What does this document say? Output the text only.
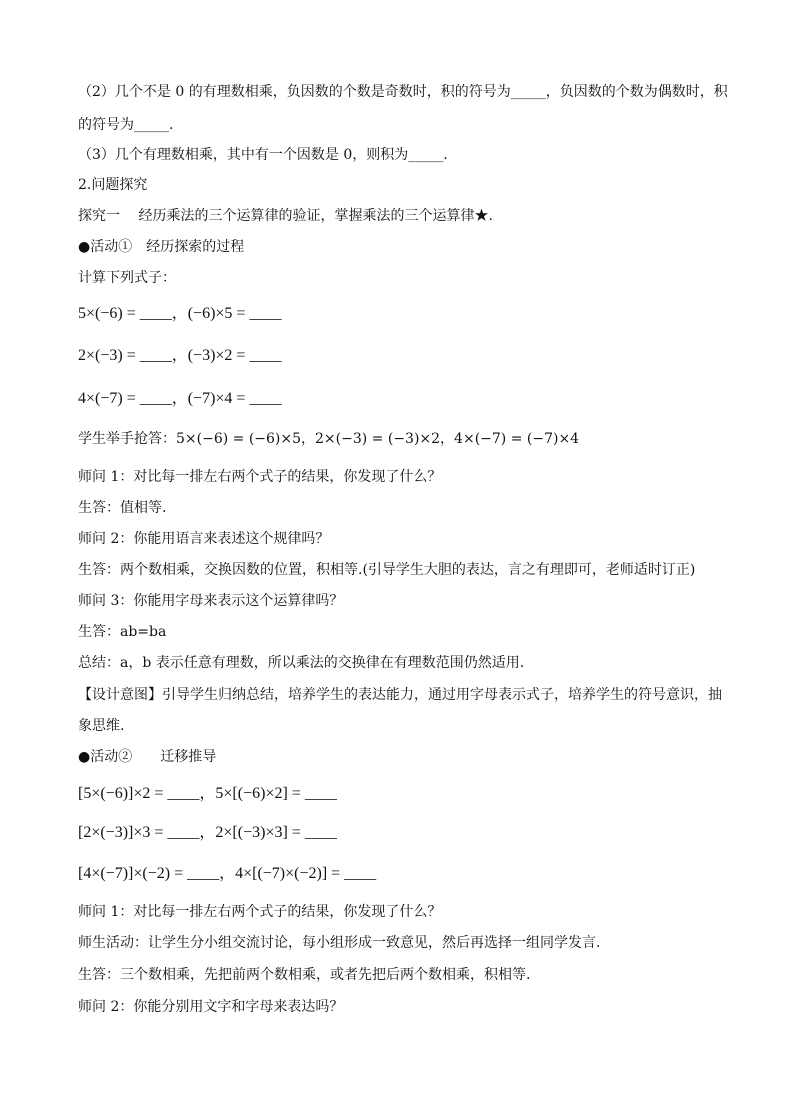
（2）几个不是 0 的有理数相乘，负因数的个数是奇数时，积的符号为_____，负因数的个数为偶数时，积
的符号为_____.
（3）几个有理数相乘，其中有一个因数是 0，则积为_____.
2.问题探究
探究一　 经历乘法的三个运算律的验证，掌握乘法的三个运算律★.
●活动①　经历探索的过程
计算下列式子：
5×(−6) = ____，(−6)×5 = ____
2×(−3) = ____，(−3)×2 = ____
4×(−7) = ____，(−7)×4 = ____
学生举手抢答：5×(−6) = (−6)×5，2×(−3) = (−3)×2，4×(−7) = (−7)×4
师问 1：对比每一排左右两个式子的结果，你发现了什么？
生答：值相等.
师问 2：你能用语言来表述这个规律吗？
生答：两个数相乘，交换因数的位置，积相等.(引导学生大胆的表达，言之有理即可，老师适时订正)
师问 3：你能用字母来表示这个运算律吗？
生答：ab=ba
总结：a，b 表示任意有理数，所以乘法的交换律在有理数范围仍然适用.
【设计意图】引导学生归纳总结，培养学生的表达能力，通过用字母表示式子，培养学生的符号意识，抽
象思维.
●活动②　　迁移推导
[5×(−6)]×2 = ____，5×[(−6)×2] = ____
[2×(−3)]×3 = ____，2×[(−3)×3] = ____
[4×(−7)]×(−2) = ____，4×[(−7)×(−2)] = ____
师问 1：对比每一排左右两个式子的结果，你发现了什么？
师生活动：让学生分小组交流讨论，每小组形成一致意见，然后再选择一组同学发言.
生答：三个数相乘，先把前两个数相乘，或者先把后两个数相乘，积相等.
师问 2：你能分别用文字和字母来表达吗？
